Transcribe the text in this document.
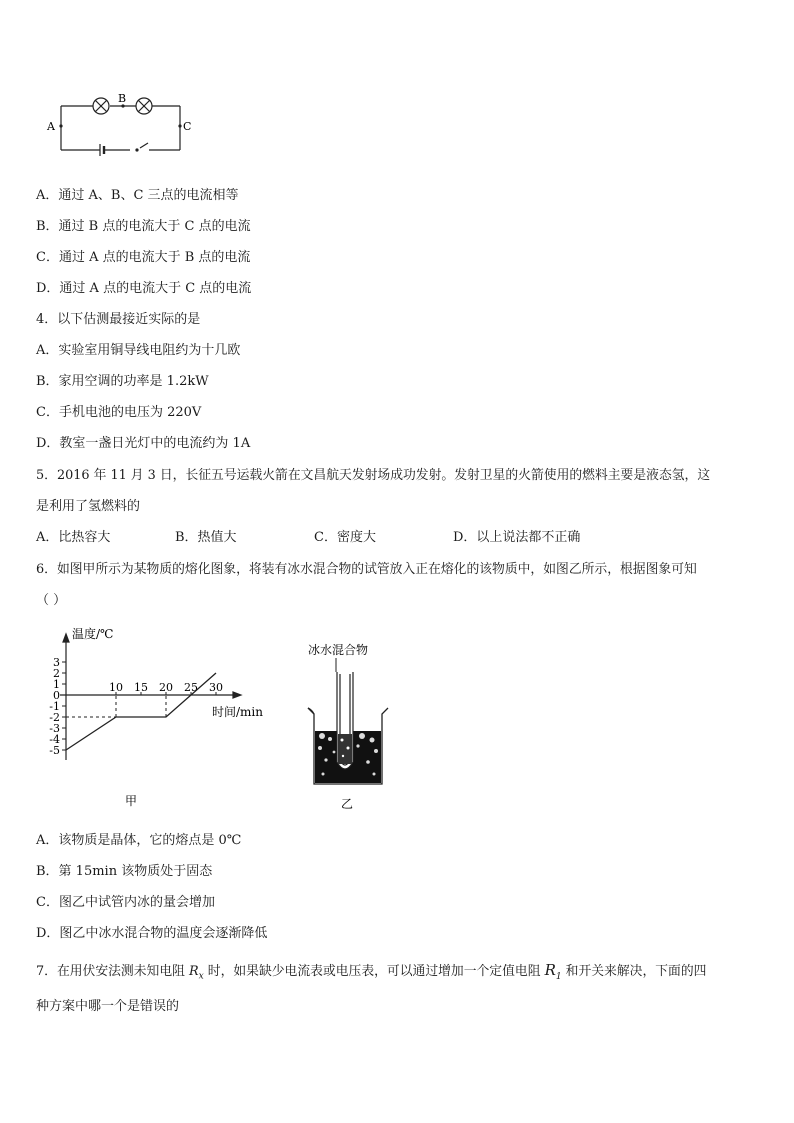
A
B
C
A．通过 A、B、C 三点的电流相等
B．通过 B 点的电流大于 C 点的电流
C．通过 A 点的电流大于 B 点的电流
D．通过 A 点的电流大于 C 点的电流
4．以下估测最接近实际的是
A．实验室用铜导线电阻约为十几欧
B．家用空调的功率是 1.2kW
C．手机电池的电压为 220V
D．教室一盏日光灯中的电流约为 1A
5．2016 年 11 月 3 日，长征五号运载火箭在文昌航天发射场成功发射。发射卫星的火箭使用的燃料主要是液态氢，这
是利用了氢燃料的
A．比热容大	B．热值大	C．密度大	D．以上说法都不正确
6．如图甲所示为某物质的熔化图象，将装有冰水混合物的试管放入正在熔化的该物质中，如图乙所示，根据图象可知
（ ）
温度/℃
时间/min
3
2
1
0
-1
-2
-3
-4
-5
10 15 20 25 30
甲
冰水混合物
乙
A．该物质是晶体，它的熔点是 0℃
B．第 15min 该物质处于固态
C．图乙中试管内冰的量会增加
D．图乙中冰水混合物的温度会逐渐降低
7．在用伏安法测未知电阻 $R_x$ 时，如果缺少电流表或电压表，可以通过增加一个定值电阻 $R_1$ 和开关来解决，下面的四
种方案中哪一个是错误的
